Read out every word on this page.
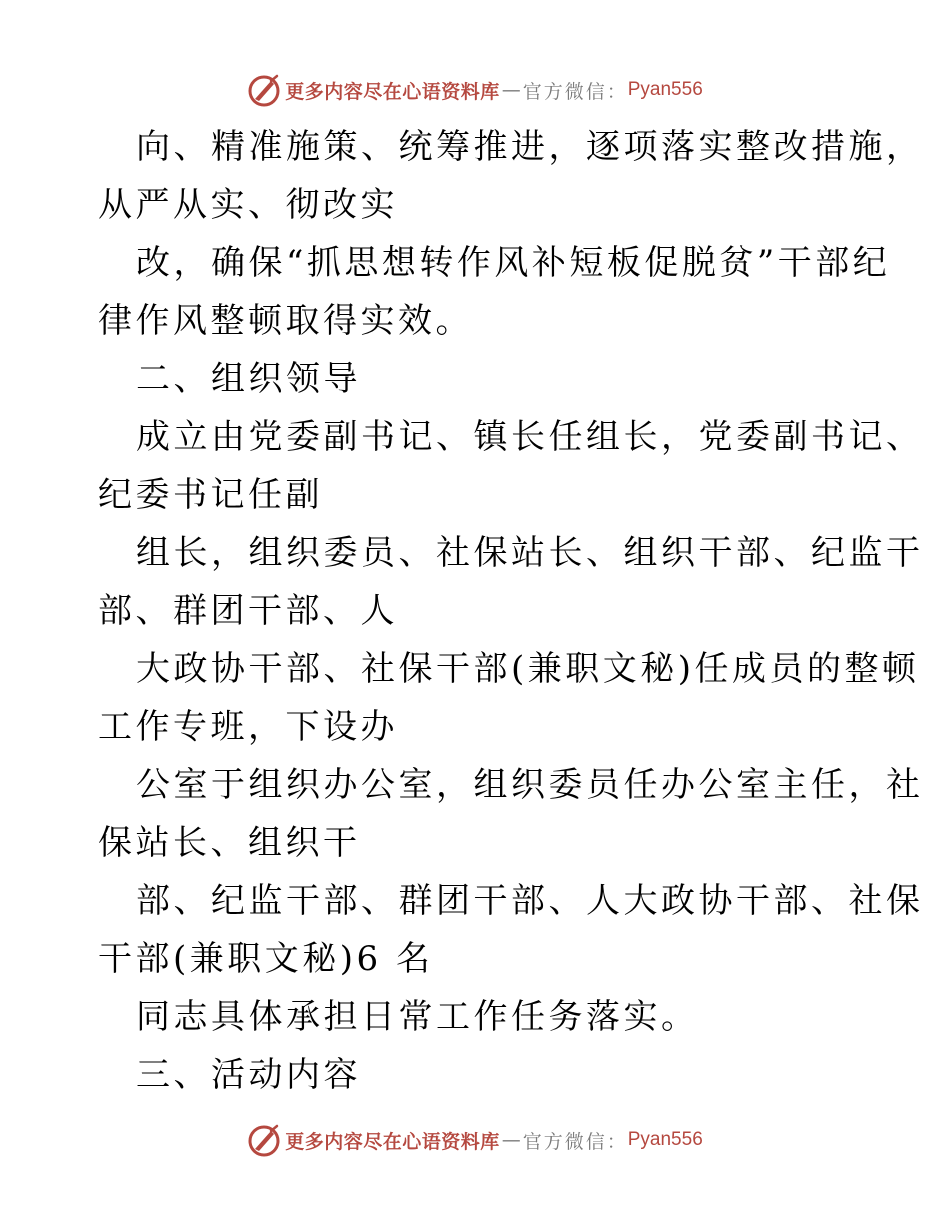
更多内容尽在心语资料库 — 官方微信： Pyan556
向、精准施策、统筹推进，逐项落实整改措施，
从严从实、彻改实
改，确保“抓思想转作风补短板促脱贫”干部纪
律作风整顿取得实效。
二、组织领导
成立由党委副书记、镇长任组长，党委副书记、
纪委书记任副
组长，组织委员、社保站长、组织干部、纪监干
部、群团干部、人
大政协干部、社保干部(兼职文秘)任成员的整顿
工作专班，下设办
公室于组织办公室，组织委员任办公室主任，社
保站长、组织干
部、纪监干部、群团干部、人大政协干部、社保
干部(兼职文秘)6 名
同志具体承担日常工作任务落实。
三、活动内容
更多内容尽在心语资料库 — 官方微信： Pyan556
